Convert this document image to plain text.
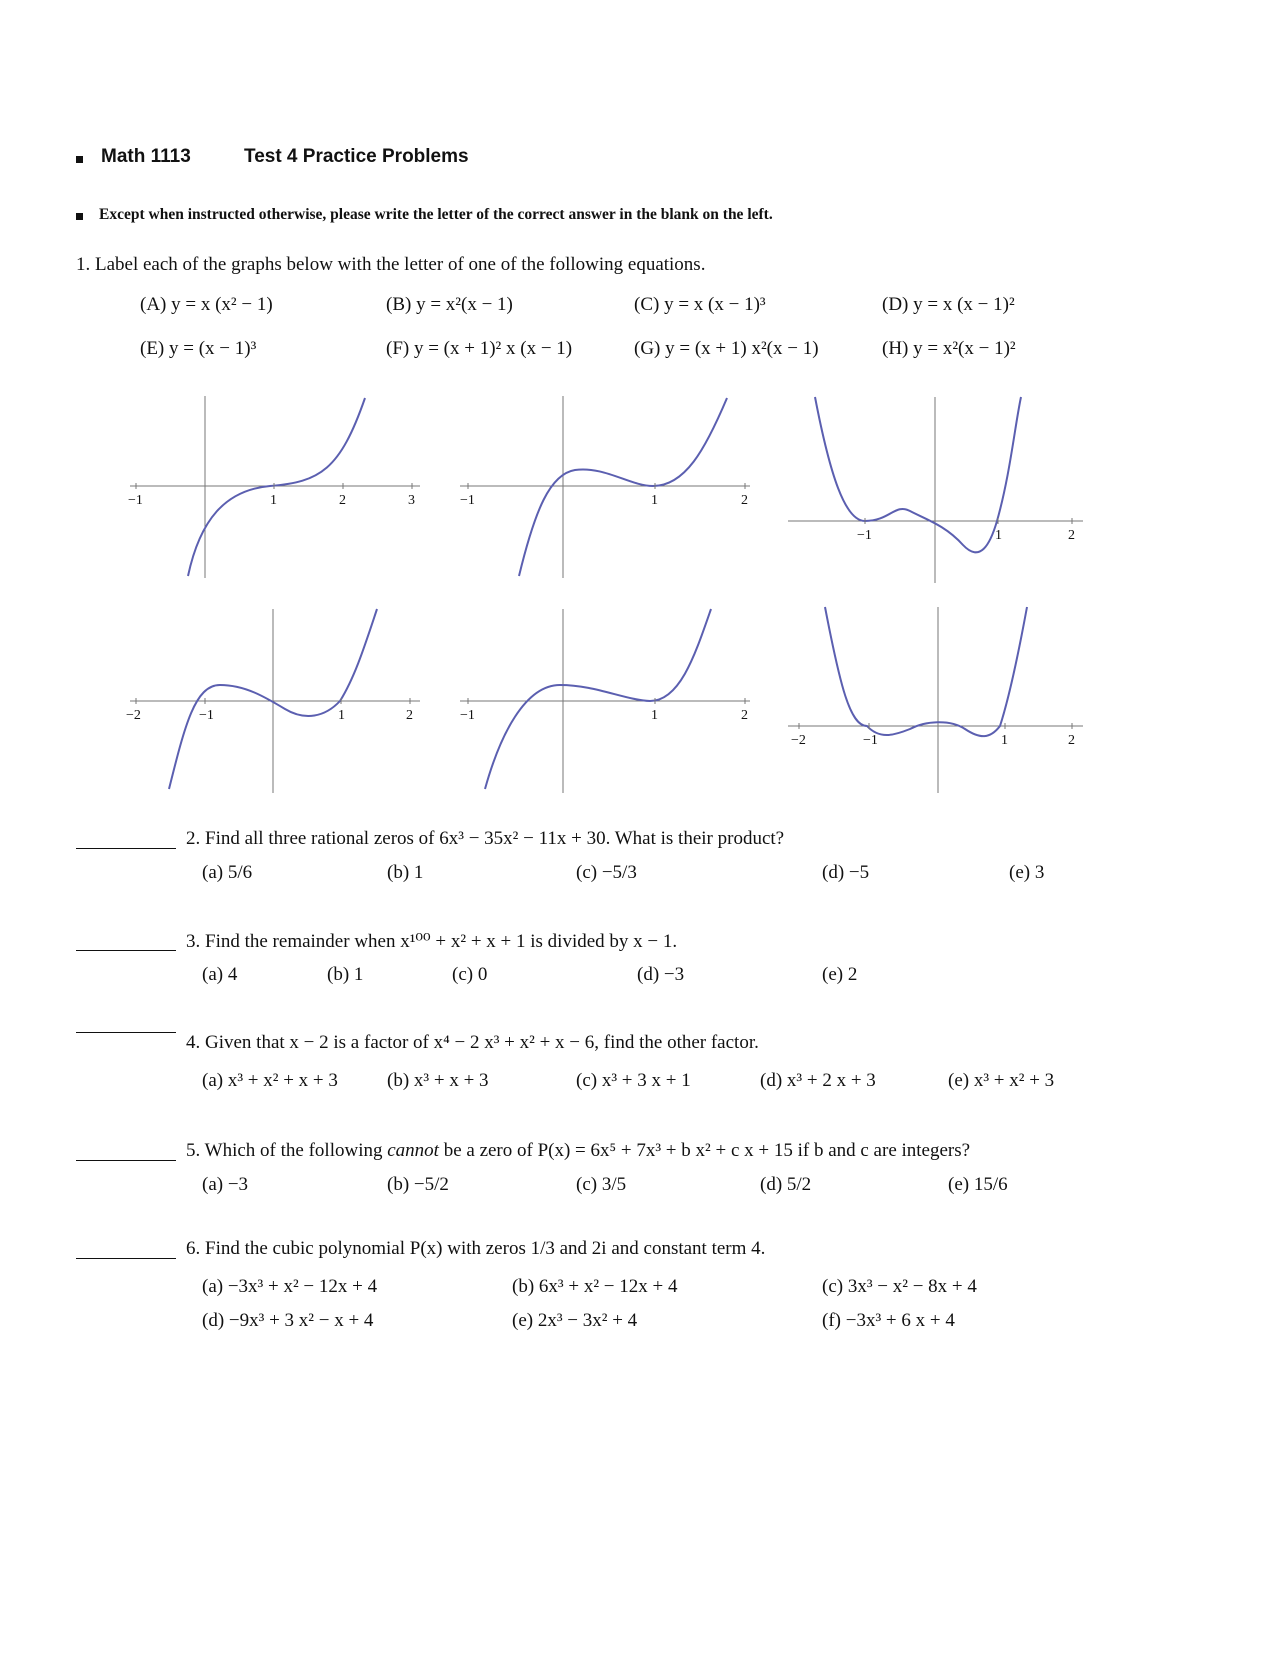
Math 1113	Test 4 Practice Problems
Except when instructed otherwise, please write the letter of the correct answer in the blank on the left.
1. Label each of the graphs below with the letter of one of the following equations.
(A) y = x (x² − 1)	(B) y = x²(x − 1)	(C) y = x (x − 1)³	(D) y = x (x − 1)²
(E) y = (x − 1)³	(F) y = (x + 1)² x (x − 1)	(G) y = (x + 1) x²(x − 1)	(H) y = x²(x − 1)²
−1	1	2	3	−1	1	2
−1	1	2
−2	−1	1	2	−1	1	2
−2	−1	1	2
2. Find all three rational zeros of 6x³ − 35x² − 11x + 30. What is their product?
(a) 5/6	(b) 1	(c) −5/3	(d) −5	(e) 3
3. Find the remainder when x¹⁰⁰ + x² + x + 1 is divided by x − 1.
(a) 4	(b) 1	(c) 0	(d) −3	(e) 2
4. Given that x − 2 is a factor of x⁴ − 2 x³ + x² + x − 6, find the other factor.
(a) x³ + x² + x + 3	(b) x³ + x + 3	(c) x³ + 3 x + 1	(d) x³ + 2 x + 3	(e) x³ + x² + 3
5. Which of the following cannot be a zero of P(x) = 6x⁵ + 7x³ + b x² + c x + 15 if b and c are integers?
(a) −3	(b) −5/2	(c) 3/5	(d) 5/2	(e) 15/6
6. Find the cubic polynomial P(x) with zeros 1/3 and 2i and constant term 4.
(a) −3x³ + x² − 12x + 4	(b) 6x³ + x² − 12x + 4	(c) 3x³ − x² − 8x + 4
(d) −9x³ + 3 x² − x + 4	(e) 2x³ − 3x² + 4	(f) −3x³ + 6 x + 4
